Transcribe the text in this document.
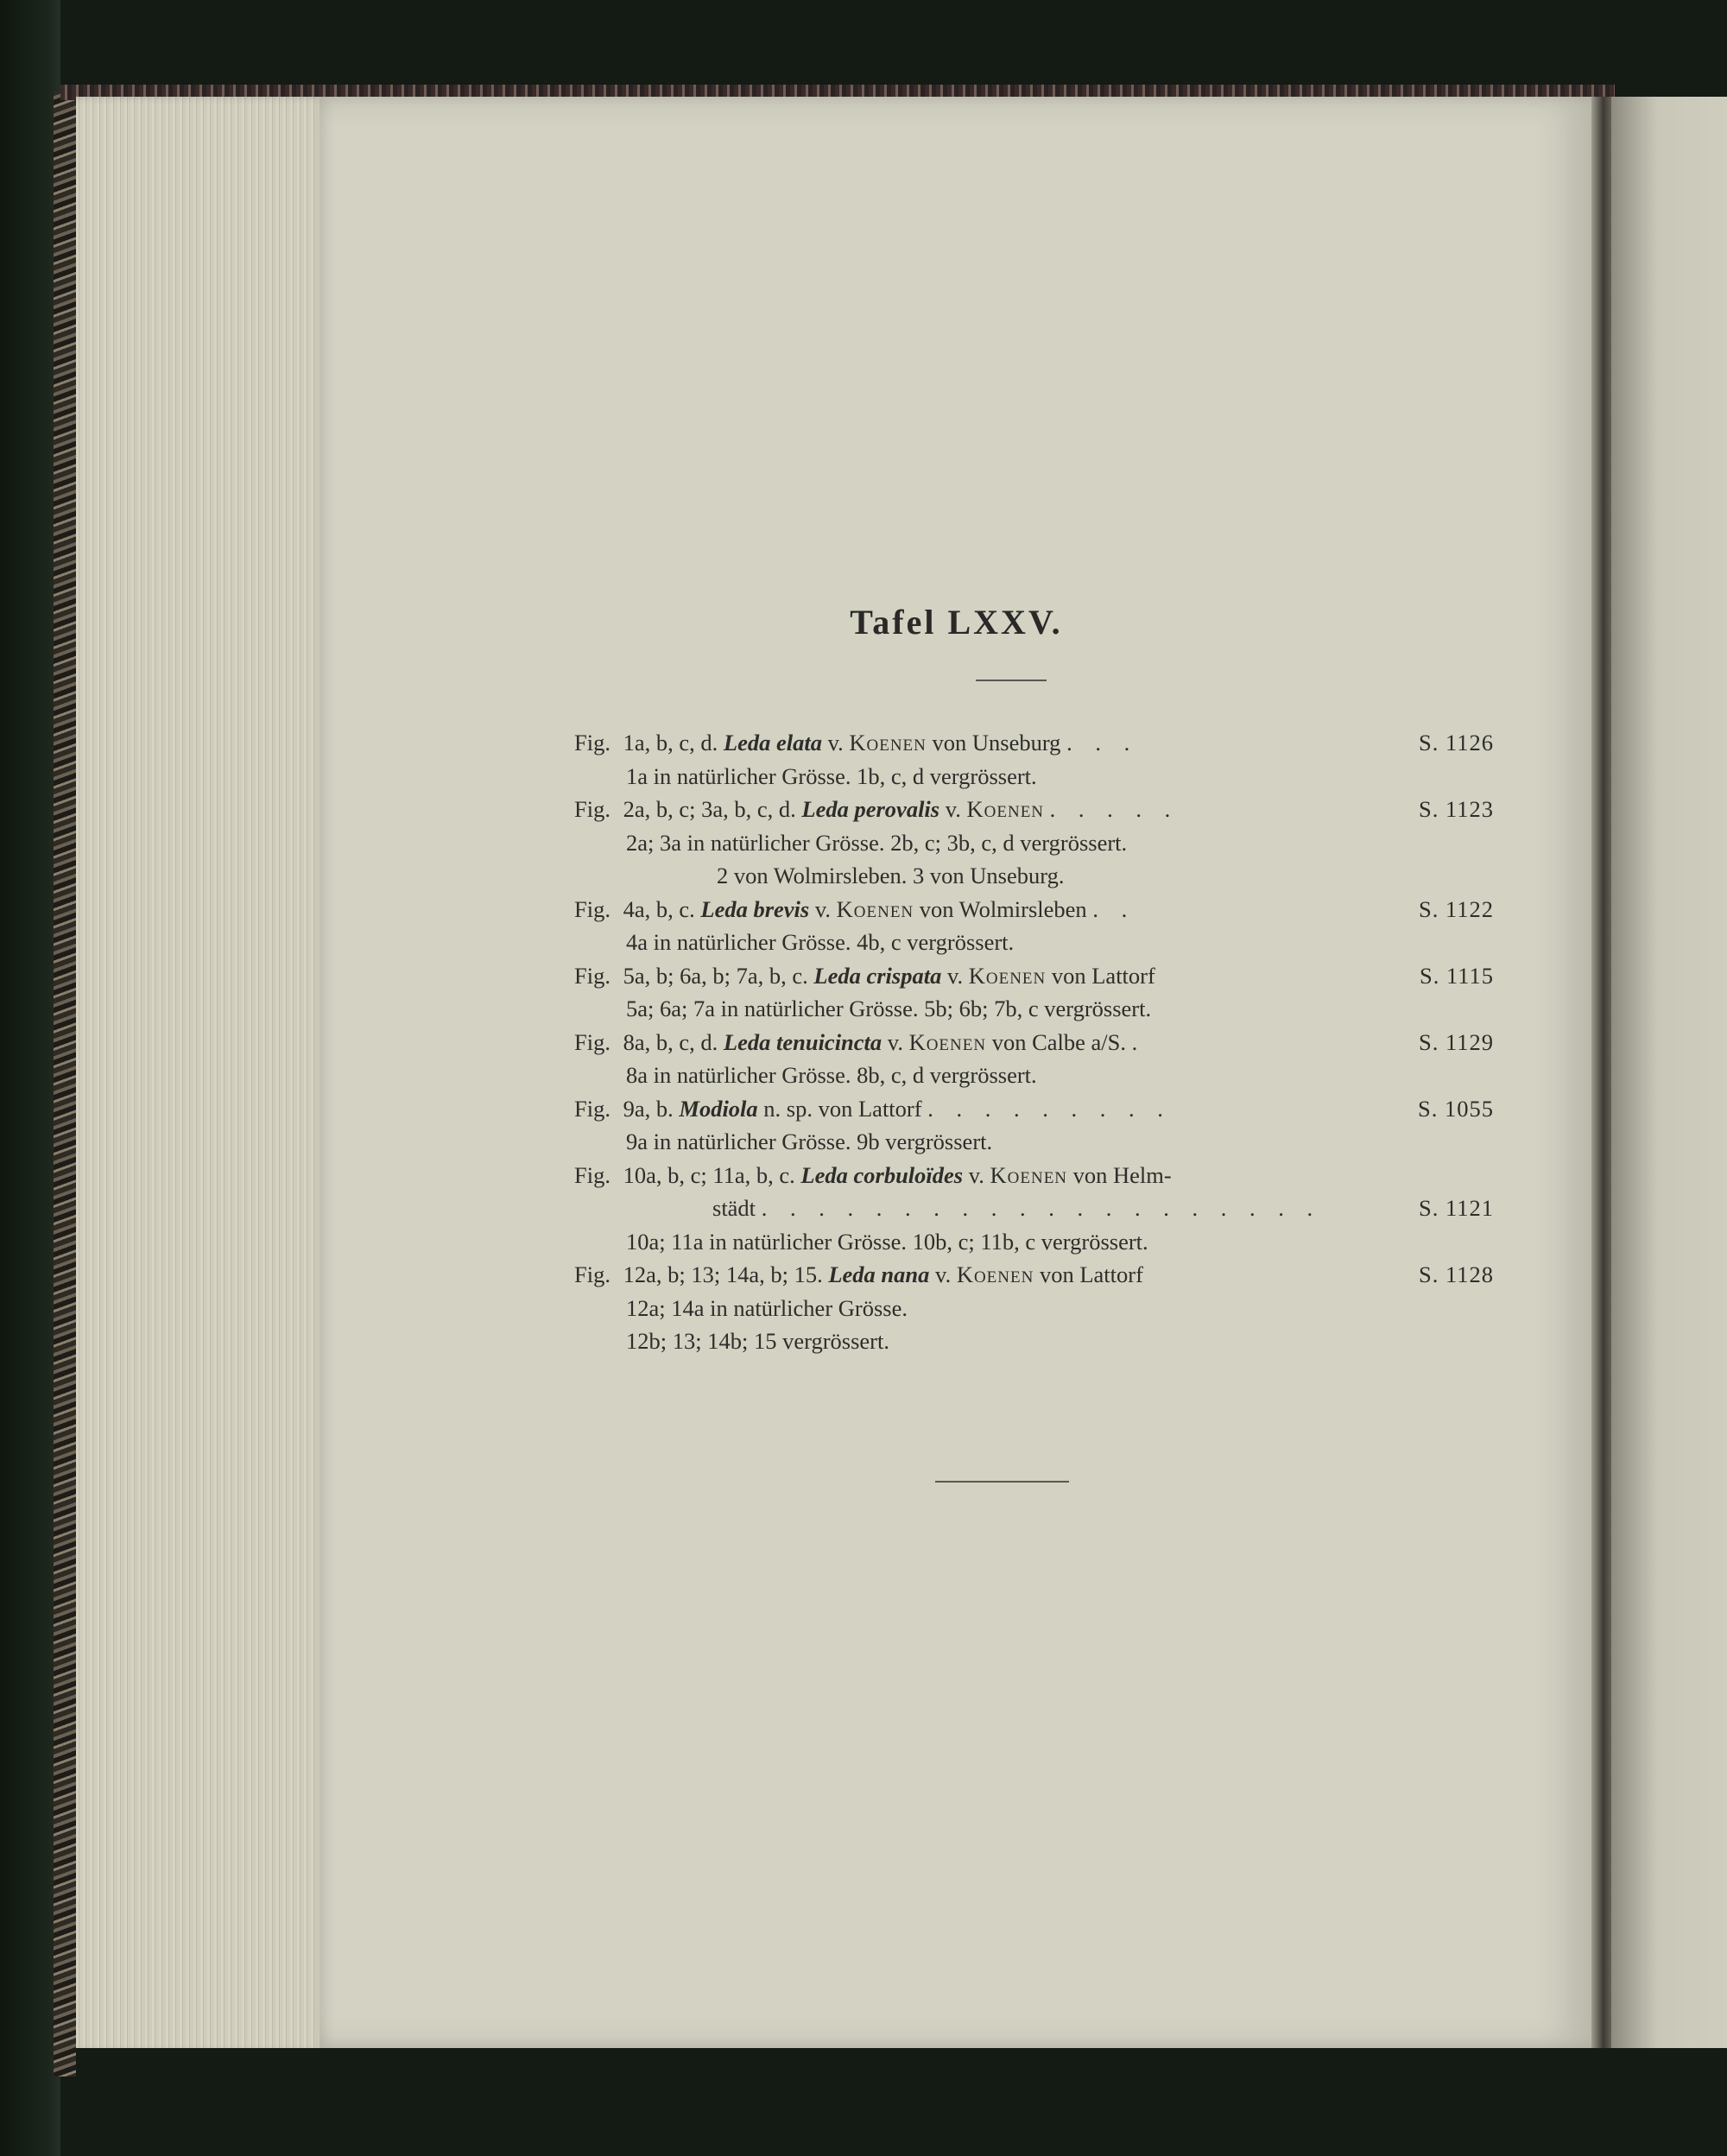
Tafel LXXV.
Fig. 1a, b, c, d. Leda elata v. Koenen von Unseburg . . .	S. 1126
1a in natürlicher Grösse. 1b, c, d vergrössert.
Fig. 2a, b, c; 3a, b, c, d. Leda perovalis v. Koenen . . . . .	S. 1123
2a; 3a in natürlicher Grösse. 2b, c; 3b, c, d vergrössert.
2 von Wolmirsleben. 3 von Unseburg.
Fig. 4a, b, c. Leda brevis v. Koenen von Wolmirsleben . .	S. 1122
4a in natürlicher Grösse. 4b, c vergrössert.
Fig. 5a, b; 6a, b; 7a, b, c. Leda crispata v. Koenen von Lattorf	S. 1115
5a; 6a; 7a in natürlicher Grösse. 5b; 6b; 7b, c vergrössert.
Fig. 8a, b, c, d. Leda tenuicincta v. Koenen von Calbe a/S. .	S. 1129
8a in natürlicher Grösse. 8b, c, d vergrössert.
Fig. 9a, b. Modiola n. sp. von Lattorf . . . . . . . . .	S. 1055
9a in natürlicher Grösse. 9b vergrössert.
Fig. 10a, b, c; 11a, b, c. Leda corbuloïdes v. Koenen von Helm-
städt . . . . . . . . . . . . . . . . . . . .	S. 1121
10a; 11a in natürlicher Grösse. 10b, c; 11b, c vergrössert.
Fig. 12a, b; 13; 14a, b; 15. Leda nana v. Koenen von Lattorf	S. 1128
12a; 14a in natürlicher Grösse.
12b; 13; 14b; 15 vergrössert.
